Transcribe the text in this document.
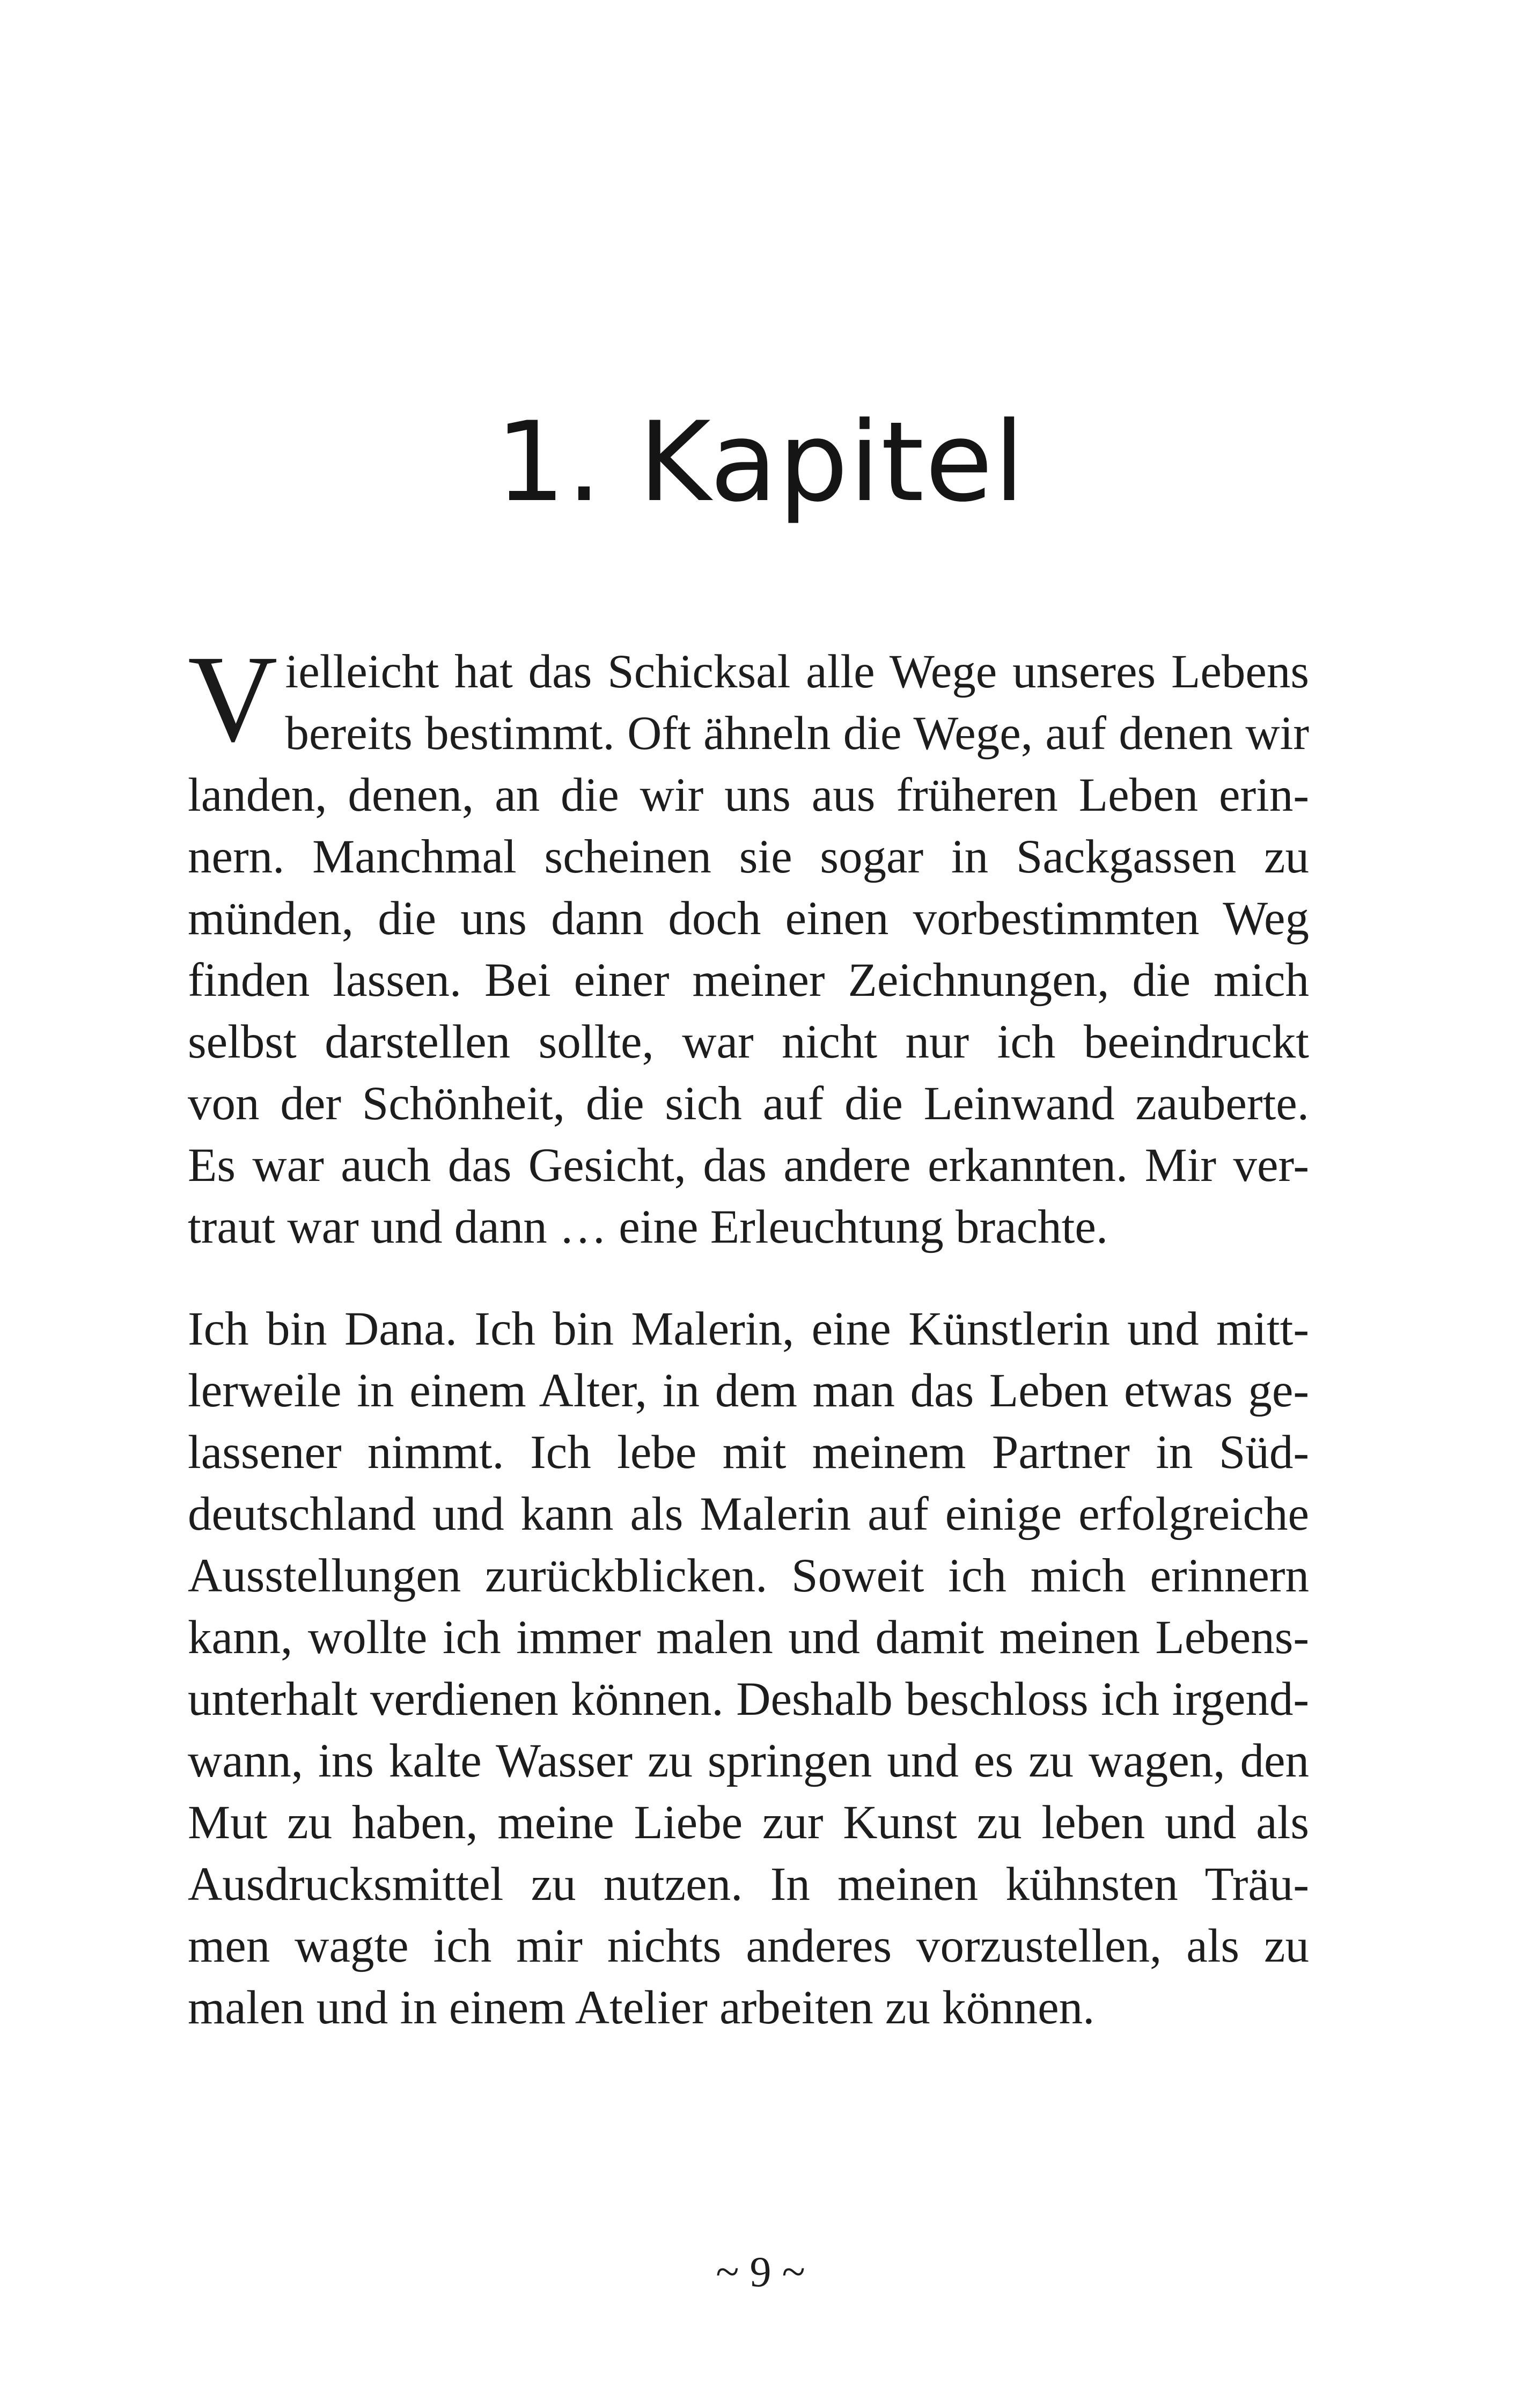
1. Kapitel
V ielleicht hat das Schicksal alle Wege unseres Lebens
bereits bestimmt. Oft ähneln die Wege, auf denen wir
landen, denen, an die wir uns aus früheren Leben erin-
nern. Manchmal scheinen sie sogar in Sackgassen zu
münden, die uns dann doch einen vorbestimmten Weg
finden lassen. Bei einer meiner Zeichnungen, die mich
selbst darstellen sollte, war nicht nur ich beeindruckt
von der Schönheit, die sich auf die Leinwand zauberte.
Es war auch das Gesicht, das andere erkannten. Mir ver-
traut war und dann … eine Erleuchtung brachte.
Ich bin Dana. Ich bin Malerin, eine Künstlerin und mitt-
lerweile in einem Alter, in dem man das Leben etwas ge-
lassener nimmt. Ich lebe mit meinem Partner in Süd-
deutschland und kann als Malerin auf einige erfolgreiche
Ausstellungen zurückblicken. Soweit ich mich erinnern
kann, wollte ich immer malen und damit meinen Lebens-
unterhalt verdienen können. Deshalb beschloss ich irgend-
wann, ins kalte Wasser zu springen und es zu wagen, den
Mut zu haben, meine Liebe zur Kunst zu leben und als
Ausdrucksmittel zu nutzen. In meinen kühnsten Träu-
men wagte ich mir nichts anderes vorzustellen, als zu
malen und in einem Atelier arbeiten zu können.
~ 9 ~
